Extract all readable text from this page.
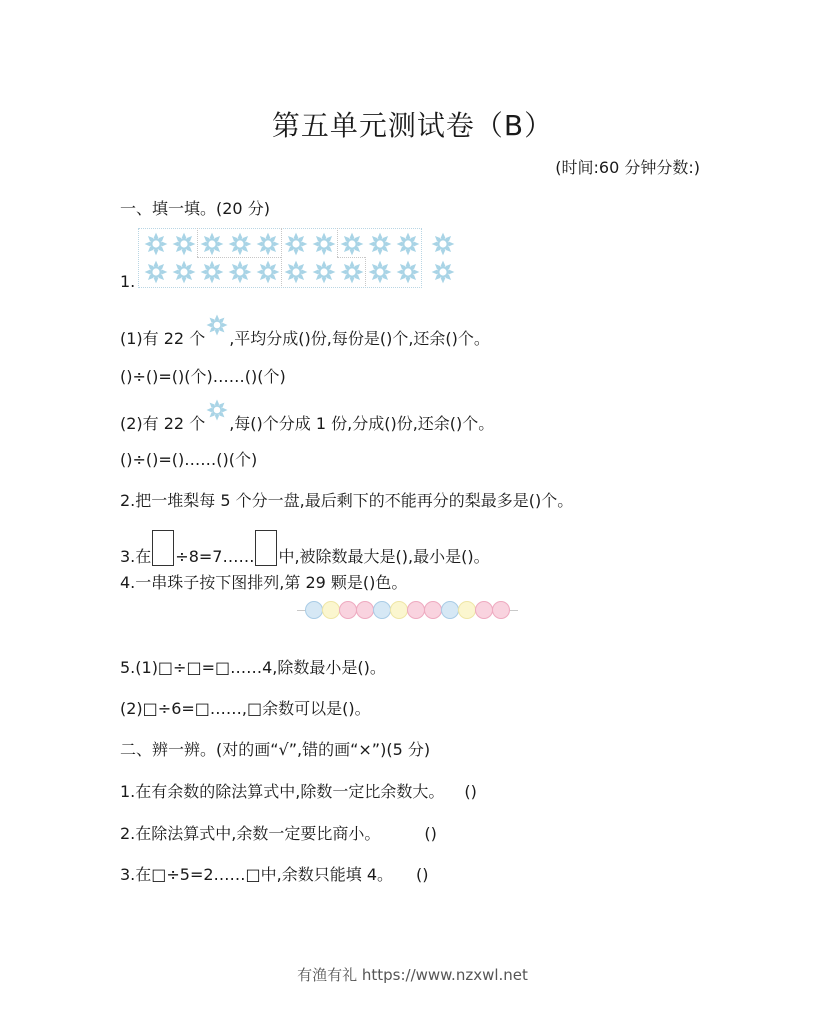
第五单元测试卷（B）
(时间:60 分钟分数:)
一、填一填。(20 分)
1.
(1)有 22 个 ,平均分成()份,每份是()个,还余()个。
()÷()=()(个)……()(个)
(2)有 22 个 ,每()个分成 1 份,分成()份,还余()个。
()÷()=()……()(个)
2.把一堆梨每 5 个分一盘,最后剩下的不能再分的梨最多是()个。
3.在 ÷8=7…… 中,被除数最大是(),最小是()。
4.一串珠子按下图排列,第 29 颗是()色。
5.(1)□÷□=□……4,除数最小是()。
(2)□÷6=□……,□余数可以是()。
二、辨一辨。(对的画“√”,错的画“×”)(5 分)
1.在有余数的除法算式中,除数一定比余数大。 ()
2.在除法算式中,余数一定要比商小。	()
3.在□÷5=2……□中,余数只能填 4。 ()
有渔有礼 https://www.nzxwl.net
